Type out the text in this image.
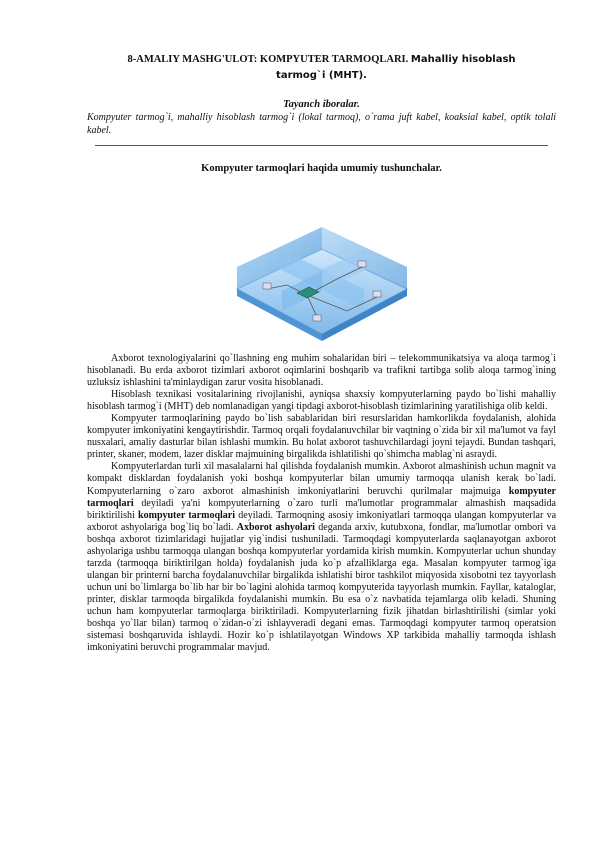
8-AMALIY MASHG'ULOT: KOMPYUTER TARMOQLARI. Mahalliy hisoblash
tarmog`i (MHT).
Tayanch iboralar.
Kompyuter tarmog`i, mahalliy hisoblash tarmog`i (lokal tarmoq), o`rama juft kabel, koaksial kabel, optik tolali kabel.
Kompyuter tarmoqlari haqida umumiy tushunchalar.

Axborot texnologiyalarini qo`llashning eng muhim sohalaridan biri – telekommunikatsiya va aloqa tarmog`i hisoblanadi. Bu erda axborot tizimlari axborot oqimlarini boshqarib va trafikni tartibga solib aloqa tarmog`ining uzluksiz ishlashini ta'minlaydigan zarur vosita hisoblanadi.

Hisoblash texnikasi vositalarining rivojlanishi, ayniqsa shaxsiy kompyuterlarning paydo bo`lishi mahalliy hisoblash tarmog`i (MHT) deb nomlanadigan yangi tipdagi axborot-hisoblash tizimlarining yaratilishiga olib keldi.

Kompyuter tarmoqlarining paydo bo`lish sabablaridan biri resurslaridan hamkorlikda foydalanish, alohida kompyuter imkoniyatini kengaytirishdir. Tarmoq orqali foydalanuvchilar bir vaqtning o`zida bir xil ma'lumot va fayl nusxalari, amaliy dasturlar bilan ishlashi mumkin. Bu holat axborot tashuvchilardagi joyni tejaydi. Bundan tashqari, printer, skaner, modem, lazer disklar majmuining birgalikda ishlatilishi qo`shimcha mablag`ni asraydi.

Kompyuterlardan turli xil masalalarni hal qilishda foydalanish mumkin. Axborot almashinish uchun magnit va kompakt disklardan foydalanish yoki boshqa kompyuterlar bilan umumiy tarmoqqa ulanish kerak bo`ladi. Kompyuterlarning o`zaro axborot almashinish imkoniyatlarini beruvchi qurilmalar majmuiga kompyuter tarmoqlari deyiladi ya'ni kompyuterlarning o`zaro turli ma'lumotlar programmalar almashish maqsadida biriktirilishi kompyuter tarmoqlari deyiladi. Tarmoqning asosiy imkoniyatlari tarmoqqa ulangan kompyuterlar va axborot ashyolariga bog`liq bo`ladi. Axborot ashyolari deganda arxiv, kutubxona, fondlar, ma'lumotlar ombori va boshqa axborot tizimlaridagi hujjatlar yig`indisi tushuniladi. Tarmoqdagi kompyuterlarda saqlanayotgan axborot ashyolariga ushbu tarmoqqa ulangan boshqa kompyuterlar yordamida kirish mumkin. Kompyuterlar uchun shunday tarzda (tarmoqqa biriktirilgan holda) foydalanish juda ko`p afzalliklarga ega. Masalan kompyuter tarmog`iga ulangan bir printerni barcha foydalanuvchilar birgalikda ishlatishi biror tashkilot miqyosida xisobotni tez tayyorlash uchun uni bo`limlarga bo`lib har bir bo`lagini alohida tarmoq kompyuterida tayyorlash mumkin. Fayllar, kataloglar, printer, disklar tarmoqda birgalikda foydalanishi mumkin. Bu esa o`z navbatida tejamlarga olib keladi. Shuning uchun ham kompyuterlar tarmoqlarga biriktiriladi. Kompyuterlarning fizik jihatdan birlashtirilishi (simlar yoki boshqa yo`llar bilan) tarmoq o`zidan-o`zi ishlayveradi degani emas. Tarmoqdagi kompyuter tarmoq operatsion sistemasi boshqaruvida ishlaydi. Hozir ko`p ishlatilayotgan Windows XP tarkibida mahalliy tarmoqda ishlash imkoniyatini beruvchi programmalar mavjud.
